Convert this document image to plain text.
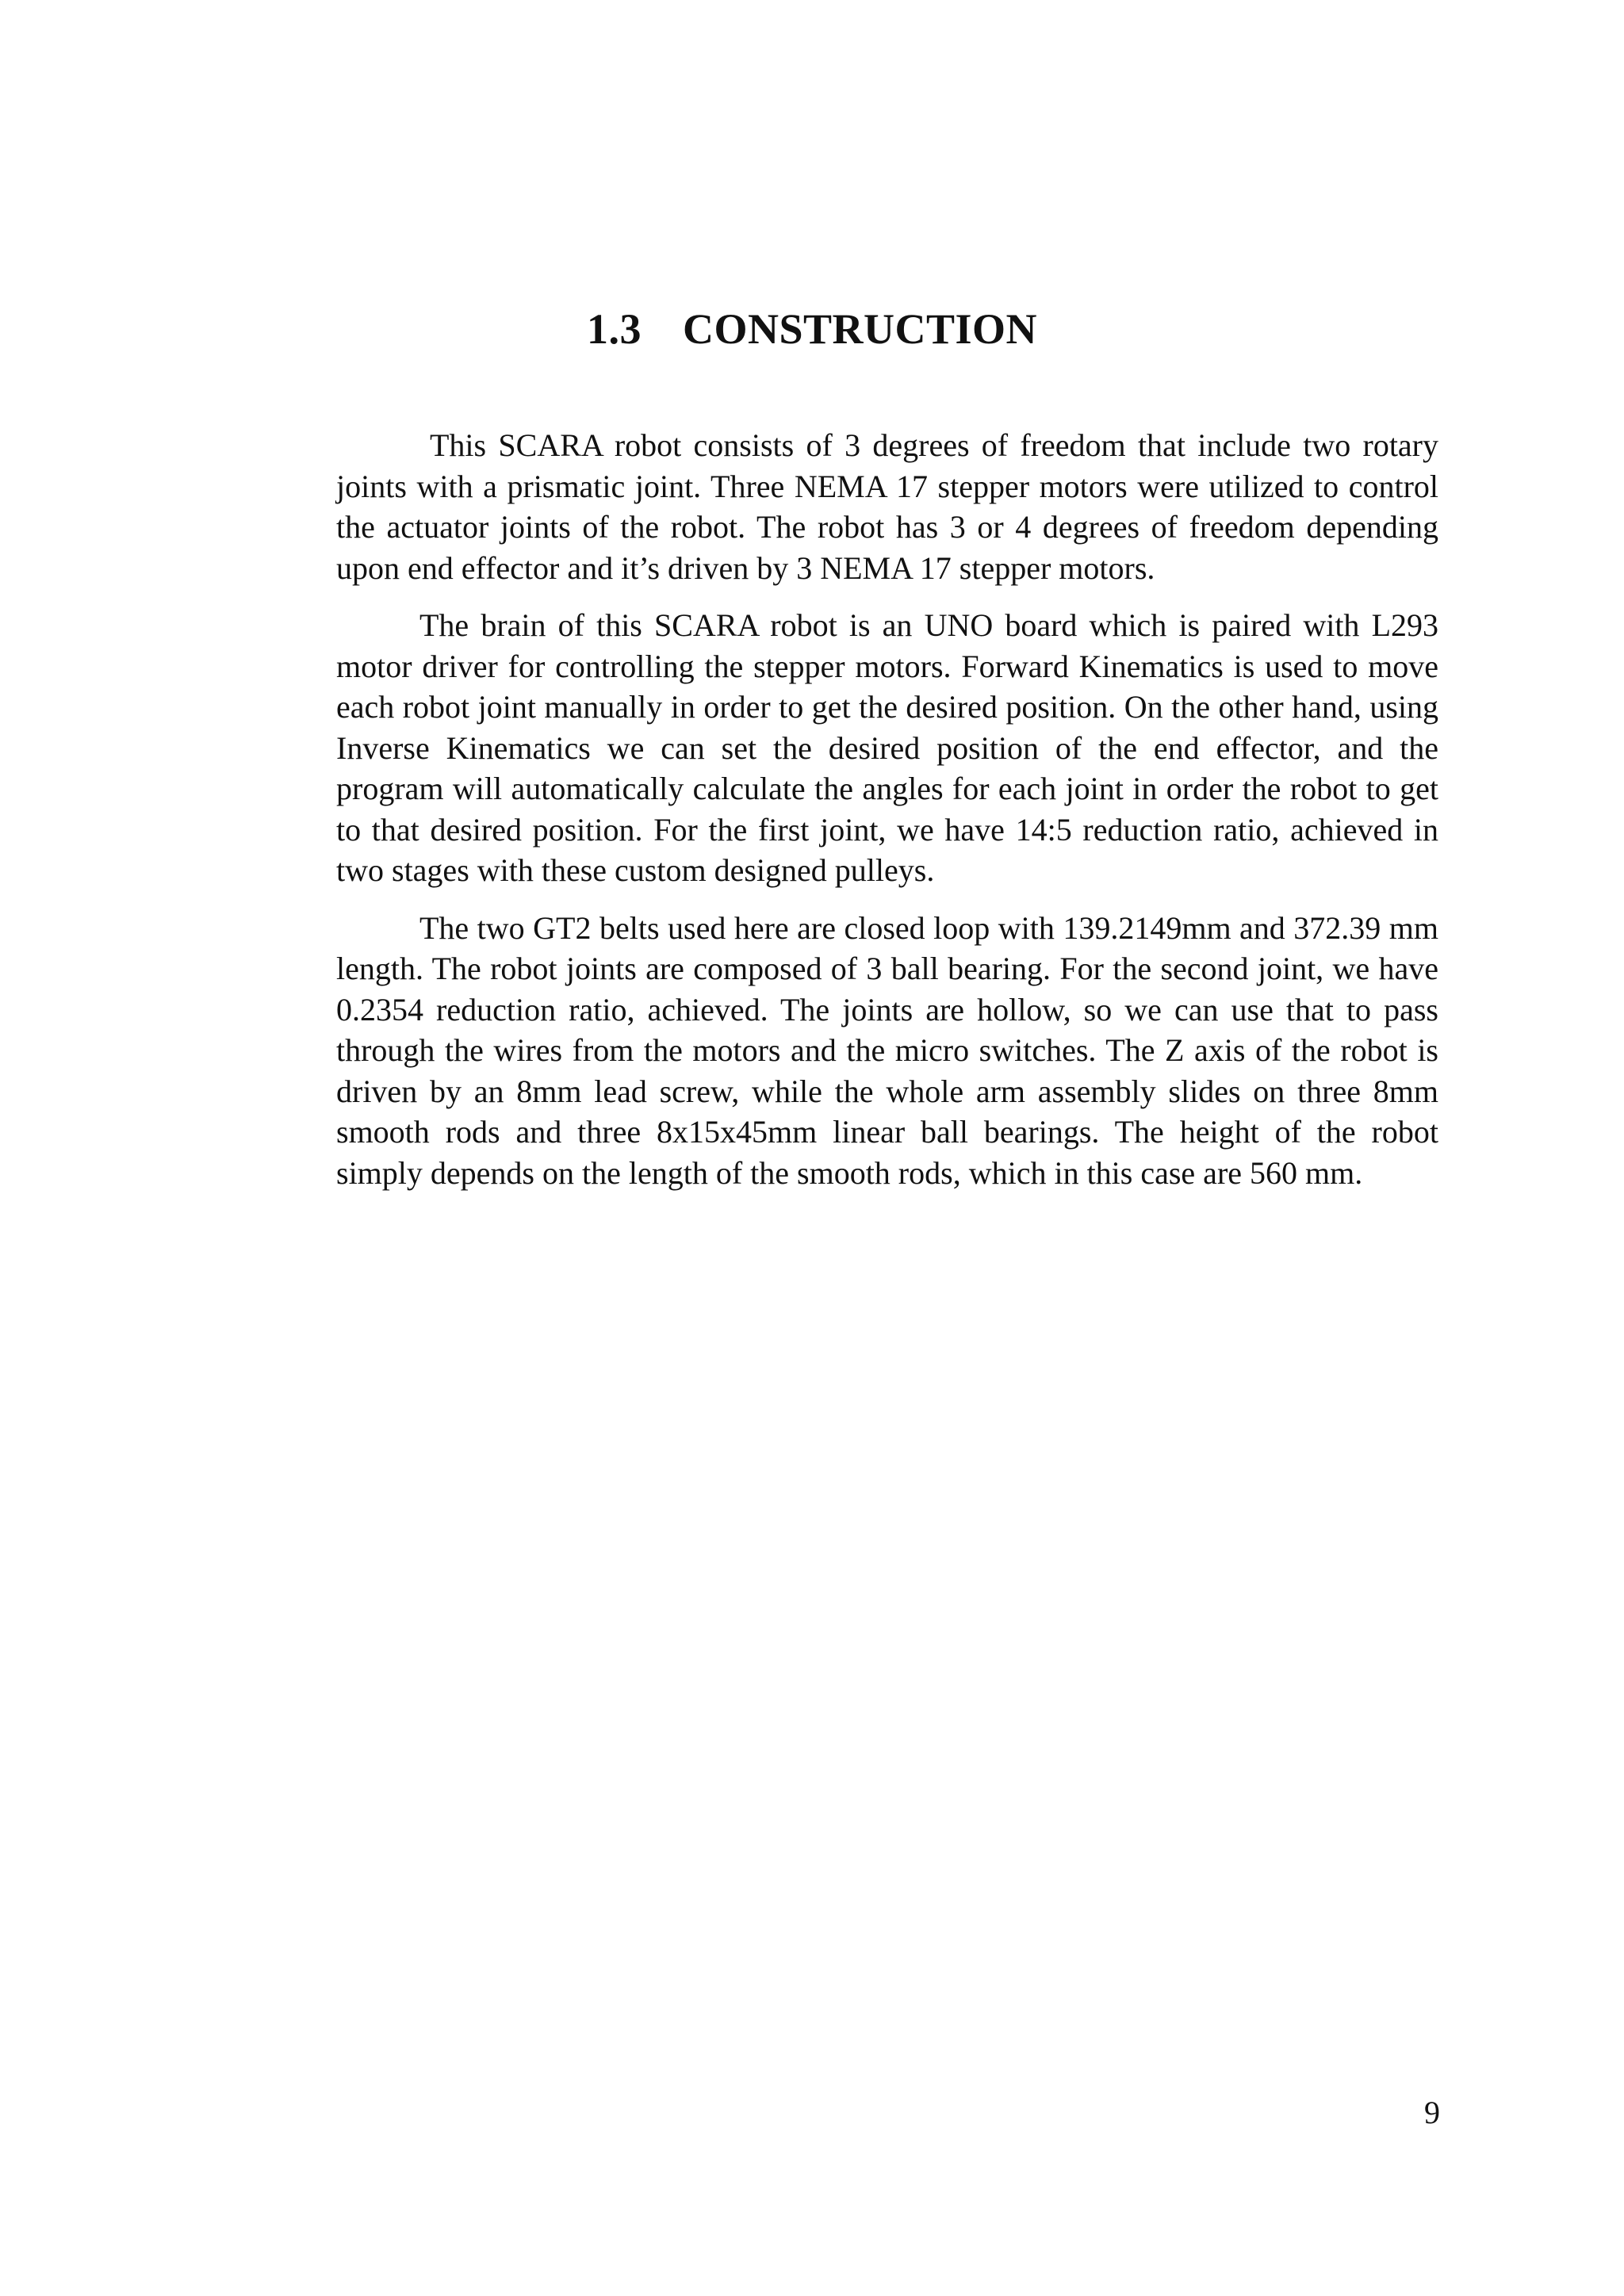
1.3 CONSTRUCTION

This SCARA robot consists of 3 degrees of freedom that include two rotary joints with a prismatic joint. Three NEMA 17 stepper motors were utilized to control the actuator joints of the robot. The robot has 3 or 4 degrees of freedom depending upon end effector and it’s driven by 3 NEMA 17 stepper motors.

The brain of this SCARA robot is an UNO board which is paired with L293 motor driver for controlling the stepper motors. Forward Kinematics is used to move each robot joint manually in order to get the desired position. On the other hand, using Inverse Kinematics we can set the desired position of the end effector, and the program will automatically calculate the angles for each joint in order the robot to get to that desired position. For the first joint, we have 14:5 reduction ratio, achieved in two stages with these custom designed pulleys.

The two GT2 belts used here are closed loop with 139.2149mm and 372.39 mm length. The robot joints are composed of 3 ball bearing. For the second joint, we have 0.2354 reduction ratio, achieved. The joints are hollow, so we can use that to pass through the wires from the motors and the micro switches. The Z axis of the robot is driven by an 8mm lead screw, while the whole arm assembly slides on three 8mm smooth rods and three 8x15x45mm linear ball bearings. The height of the robot simply depends on the length of the smooth rods, which in this case are 560 mm.

9
